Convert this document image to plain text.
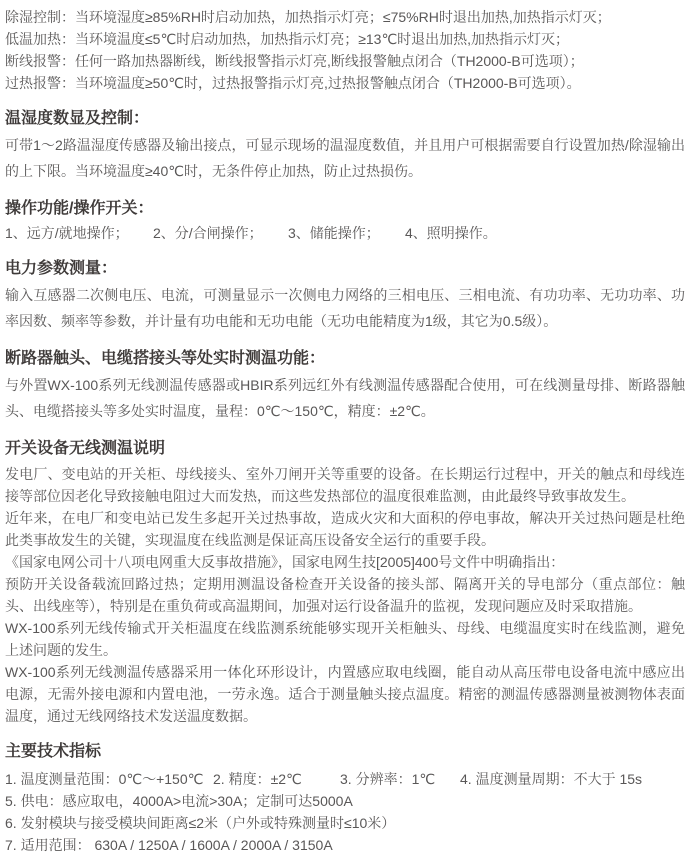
除湿控制：当环境湿度≥85%RH时启动加热，加热指示灯亮；≤75%RH时退出加热,加热指示灯灭；
低温加热：当环境温度≤5℃时启动加热，加热指示灯亮；≥13℃时退出加热,加热指示灯灭；
断线报警：任何一路加热器断线，断线报警指示灯亮,断线报警触点闭合（TH2000-B可选项）；
过热报警：当环境温度≥50℃时，过热报警指示灯亮,过热报警触点闭合（TH2000-B可选项）。
温湿度数显及控制：
可带1～2路温湿度传感器及输出接点，可显示现场的温湿度数值，并且用户可根据需要自行设置加热/除湿输出的上下限。当环境温度≥40℃时，无条件停止加热，防止过热损伤。
操作功能/操作开关：
1、远方/就地操作；	2、分/合闸操作；	3、储能操作；	4、照明操作。
电力参数测量：
输入互感器二次侧电压、电流，可测量显示一次侧电力网络的三相电压、三相电流、有功功率、无功功率、功率因数、频率等参数，并计量有功电能和无功电能（无功电能精度为1级，其它为0.5级）。
断路器触头、电缆搭接头等处实时测温功能：
与外置WX-100系列无线测温传感器或HBIR系列远红外有线测温传感器配合使用，可在线测量母排、断路器触头、电缆搭接头等多处实时温度，量程：0℃～150℃，精度：±2℃。
开关设备无线测温说明

发电厂、变电站的开关柜、母线接头、室外刀闸开关等重要的设备。在长期运行过程中，开关的触点和母线连接等部位因老化导致接触电阻过大而发热，而这些发热部位的温度很难监测，由此最终导致事故发生。

近年来，在电厂和变电站已发生多起开关过热事故，造成火灾和大面积的停电事故，解决开关过热问题是杜绝此类事故发生的关键，实现温度在线监测是保证高压设备安全运行的重要手段。

《国家电网公司十八项电网重大反事故措施》，国家电网生技[2005]400号文件中明确指出：

预防开关设备载流回路过热；定期用测温设备检查开关设备的接头部、隔离开关的导电部分（重点部位：触头、出线座等），特别是在重负荷或高温期间，加强对运行设备温升的监视，发现问题应及时采取措施。

WX-100系列无线传输式开关柜温度在线监测系统能够实现开关柜触头、母线、电缆温度实时在线监测，避免上述问题的发生。

WX-100系列无线测温传感器采用一体化环形设计，内置感应取电线圈，能自动从高压带电设备电流中感应出电源，无需外接电源和内置电池，一劳永逸。适合于测量触头接点温度。精密的测温传感器测量被测物体表面温度，通过无线网络技术发送温度数据。

主要技术指标
1. 温度测量范围：0℃～+150℃ 2. 精度：±2℃	3. 分辨率：1℃	4. 温度测量周期：不大于 15s
5. 供电：感应取电，4000A>电流>30A；定制可达5000A
6. 发射模块与接受模块间距离≤2米（户外或特殊测量时≤10米）
7. 适用范围： 630A / 1250A / 1600A / 2000A / 3150A
